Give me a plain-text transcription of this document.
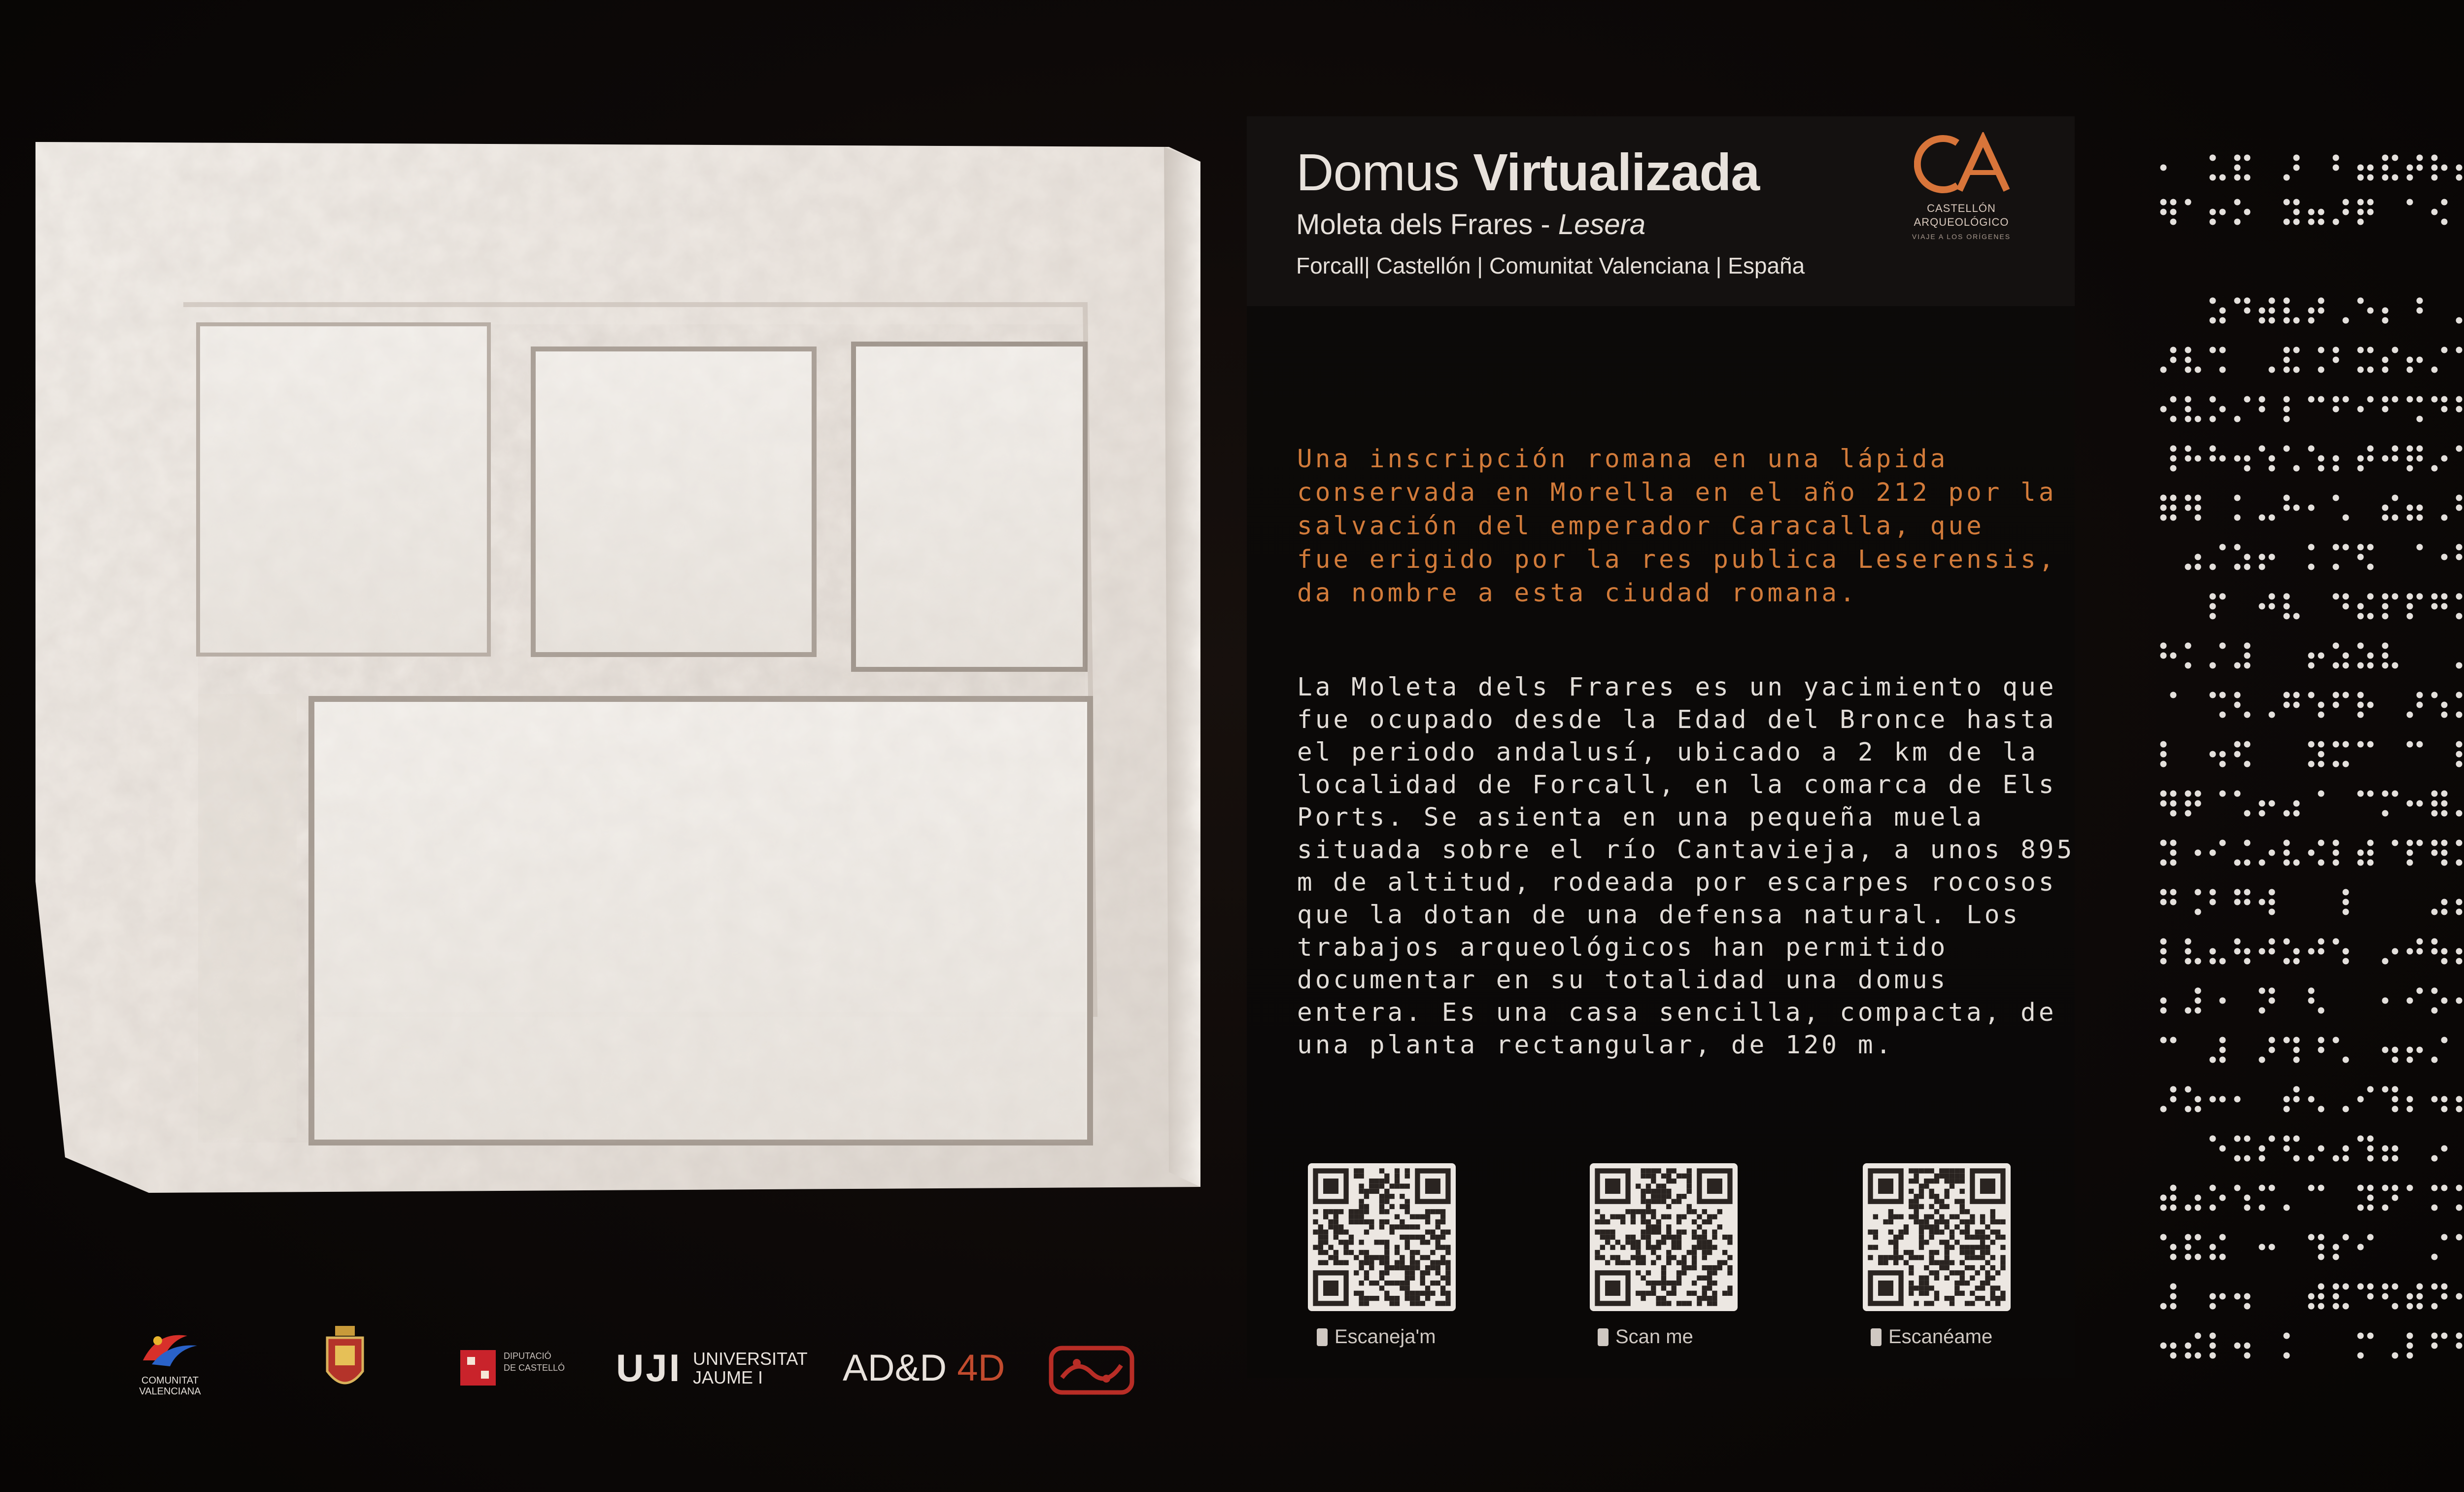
Domus Virtualizada
Moleta dels Frares - Lesera
Forcall| Castellón | Comunitat Valenciana | España
CASTELLÓN
ARQUEOLÓGICO
VIAJE A LOS ORÍGENES
Una inscripción romana en una lápida
conservada en Morella en el año 212 por la
salvación del emperador Caracalla, que
fue erigido por la res publica Leserensis,
da nombre a esta ciudad romana.
La Moleta dels Frares es un yacimiento que
fue ocupado desde la Edad del Bronce hasta
el periodo andalusí, ubicado a 2 km de la
localidad de Forcall, en la comarca de Els
Ports. Se asienta en una pequeña muela
situada sobre el río Cantavieja, a unos 895
m de altitud, rodeada por escarpes rocosos
que la dotan de una defensa natural. Los
trabajos arqueológicos han permitido
documentar en su totalidad una domus
entera. Es una casa sencilla, compacta, de
una planta rectangular, de 120 m.
Escaneja'm	Scan me	Escanéame
COMUNITAT VALENCIANA
DIPUTACIÓ
DE CASTELLÓ UJI UNIVERSITAT
JAUME I	AD&D 4D
